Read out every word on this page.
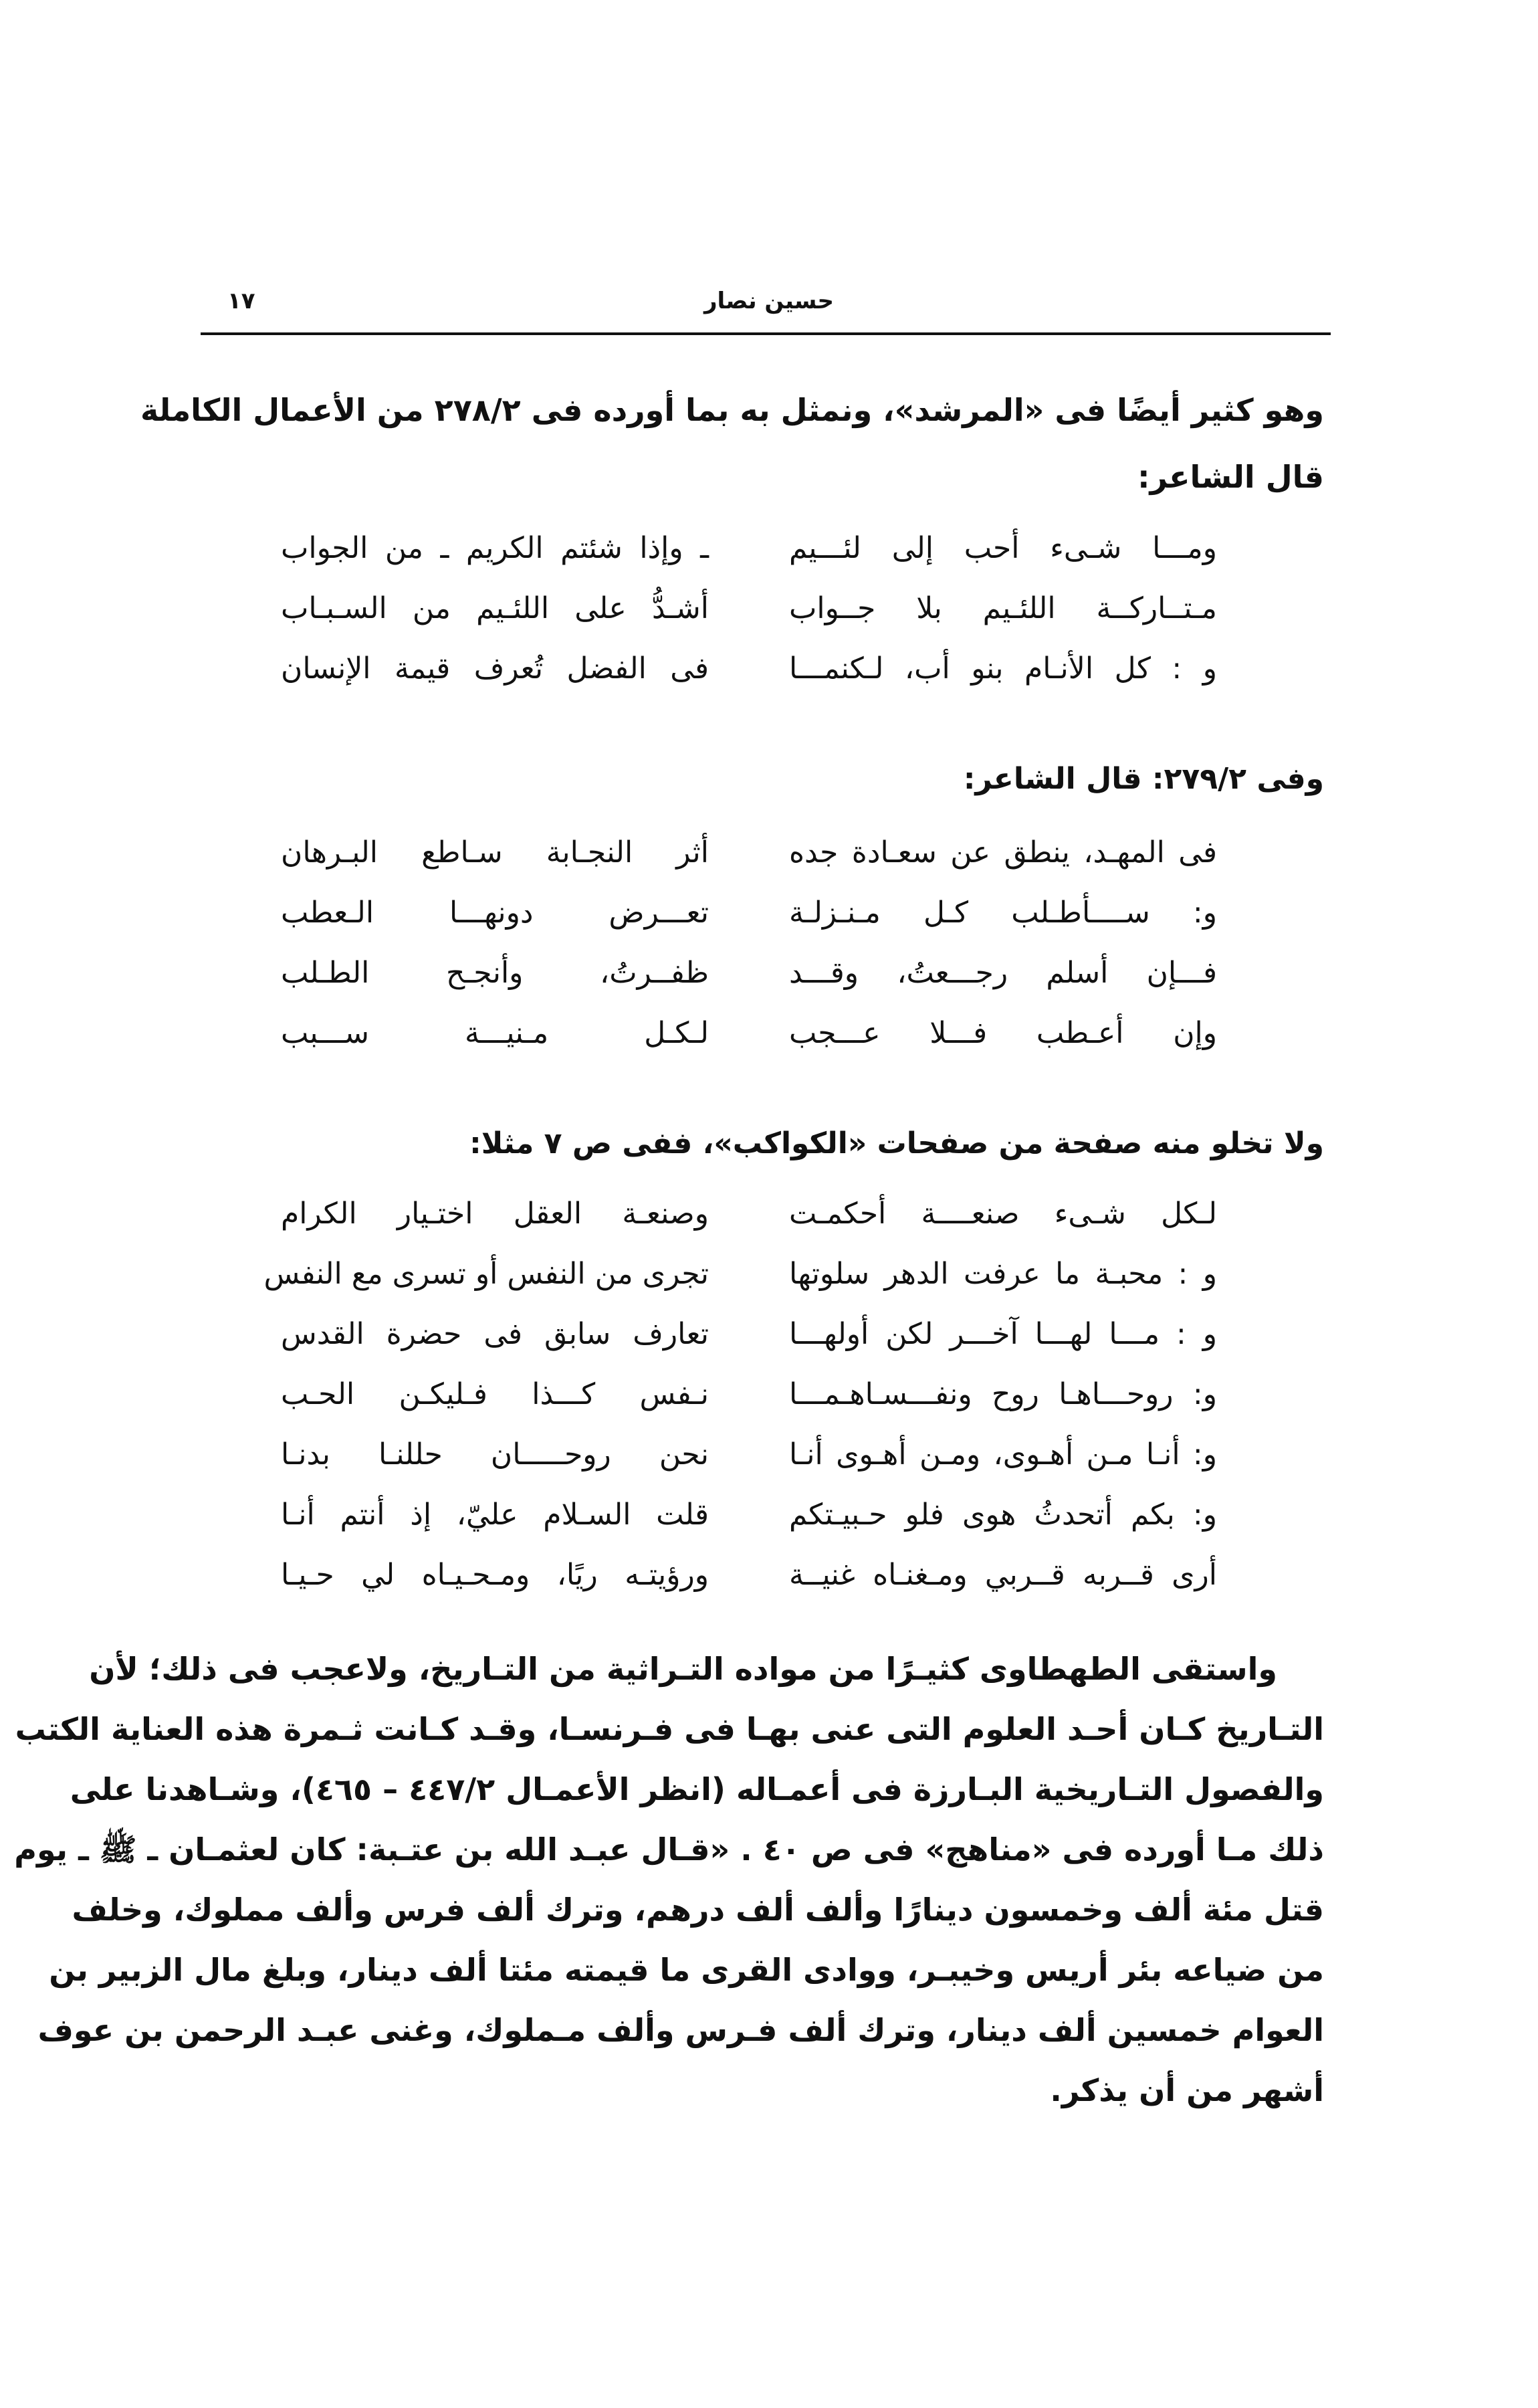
١٧	حسين نصار
وهو كثير أيضًا فى «المرشد»، ونمثل به بما أورده فى ٢٧٨/٢ من الأعمال الكاملة
قال الشاعر:
ومـــا شـىء أحب إلى لئـــيم
ـ وإذا شئتم الكريم ـ من الجواب
مـتــاركــة اللئـيم بلا جــواب
أشـدُّ على اللئـيم من السـبـاب
و : كل الأنـام بنو أب، لـكنمـــا
فى الفضل تُعرف قيمة الإنسان
وفى ٢٧٩/٢: قال الشاعر:
فى المهـد، ينطق عن سعـادة جده
أثر النجـابة سـاطع البـرهان
و: ســــأطـلب كـل مـنـزلـة
تعـــرض دونهـــا الـعطب
فـــإن أسلم رجـــعتُ، وقـــد
ظفــرتُ، وأنجـح الطـلب
وإن أعـطب فـــلا عـــجب
لـكـل مـنيـــة ســـبب
ولا تخلو منه صفحة من صفحات «الكواكب»، ففى ص ٧ مثلا:
لـكل شـىء صنعــــة أحكمـت
وصنعـة العقل اختـيار الكرام
و : محبـة ما عرفت الدهر سلوتها
تجرى من النفس أو تسرى مع النفس
و : مـــا لهـــا آخـــر لكن أولهـــا
تعارف سابق فى حضرة القدس
و: روحـــاهـا روح ونفـــسـاهـمـــا
نـفس كـــذا فـليكـن الحـب
و: أنـا مـن أهـوى، ومـن أهـوى أنـا
نحن روحـــــان حللنـا بدنـا
و: بكم أتحدثُ هوى فلو حـبيـتكم
قلت السـلام عليّ، إذ أنتم أنـا
أرى قــربه قــربي ومـغنـاه غنيــة
ورؤيتـه ريًا، ومـحـيـاه لي حـيـا

واستقى الطهطاوى كثيـرًا من مواده التـراثية من التـاريخ، ولاعجب فى ذلك؛ لأن

التـاريخ كـان أحـد العلوم التى عنى بهـا فى فـرنسـا، وقـد كـانت ثـمرة هذه العناية الكتب

والفصول التـاريخية البـارزة فى أعمـاله (انظر الأعمـال ٤٤٧/٢ – ٤٦٥)، وشـاهدنا على

ذلك مـا أورده فى «مناهج» فى ص ٤٠ . «قـال عبـد الله بن عتـبة: كان لعثمـان ـ ﷺ ـ يوم

قتل مئة ألف وخمسون دينارًا وألف ألف درهم، وترك ألف فرس وألف مملوك، وخلف

من ضياعه بئر أريس وخيبـر، ووادى القرى ما قيمته مئتا ألف دينار، وبلغ مال الزبير بن

العوام خمسين ألف دينار، وترك ألف فـرس وألف مـملوك، وغنى عبـد الرحمن بن عوف

أشهر من أن يذكر.
